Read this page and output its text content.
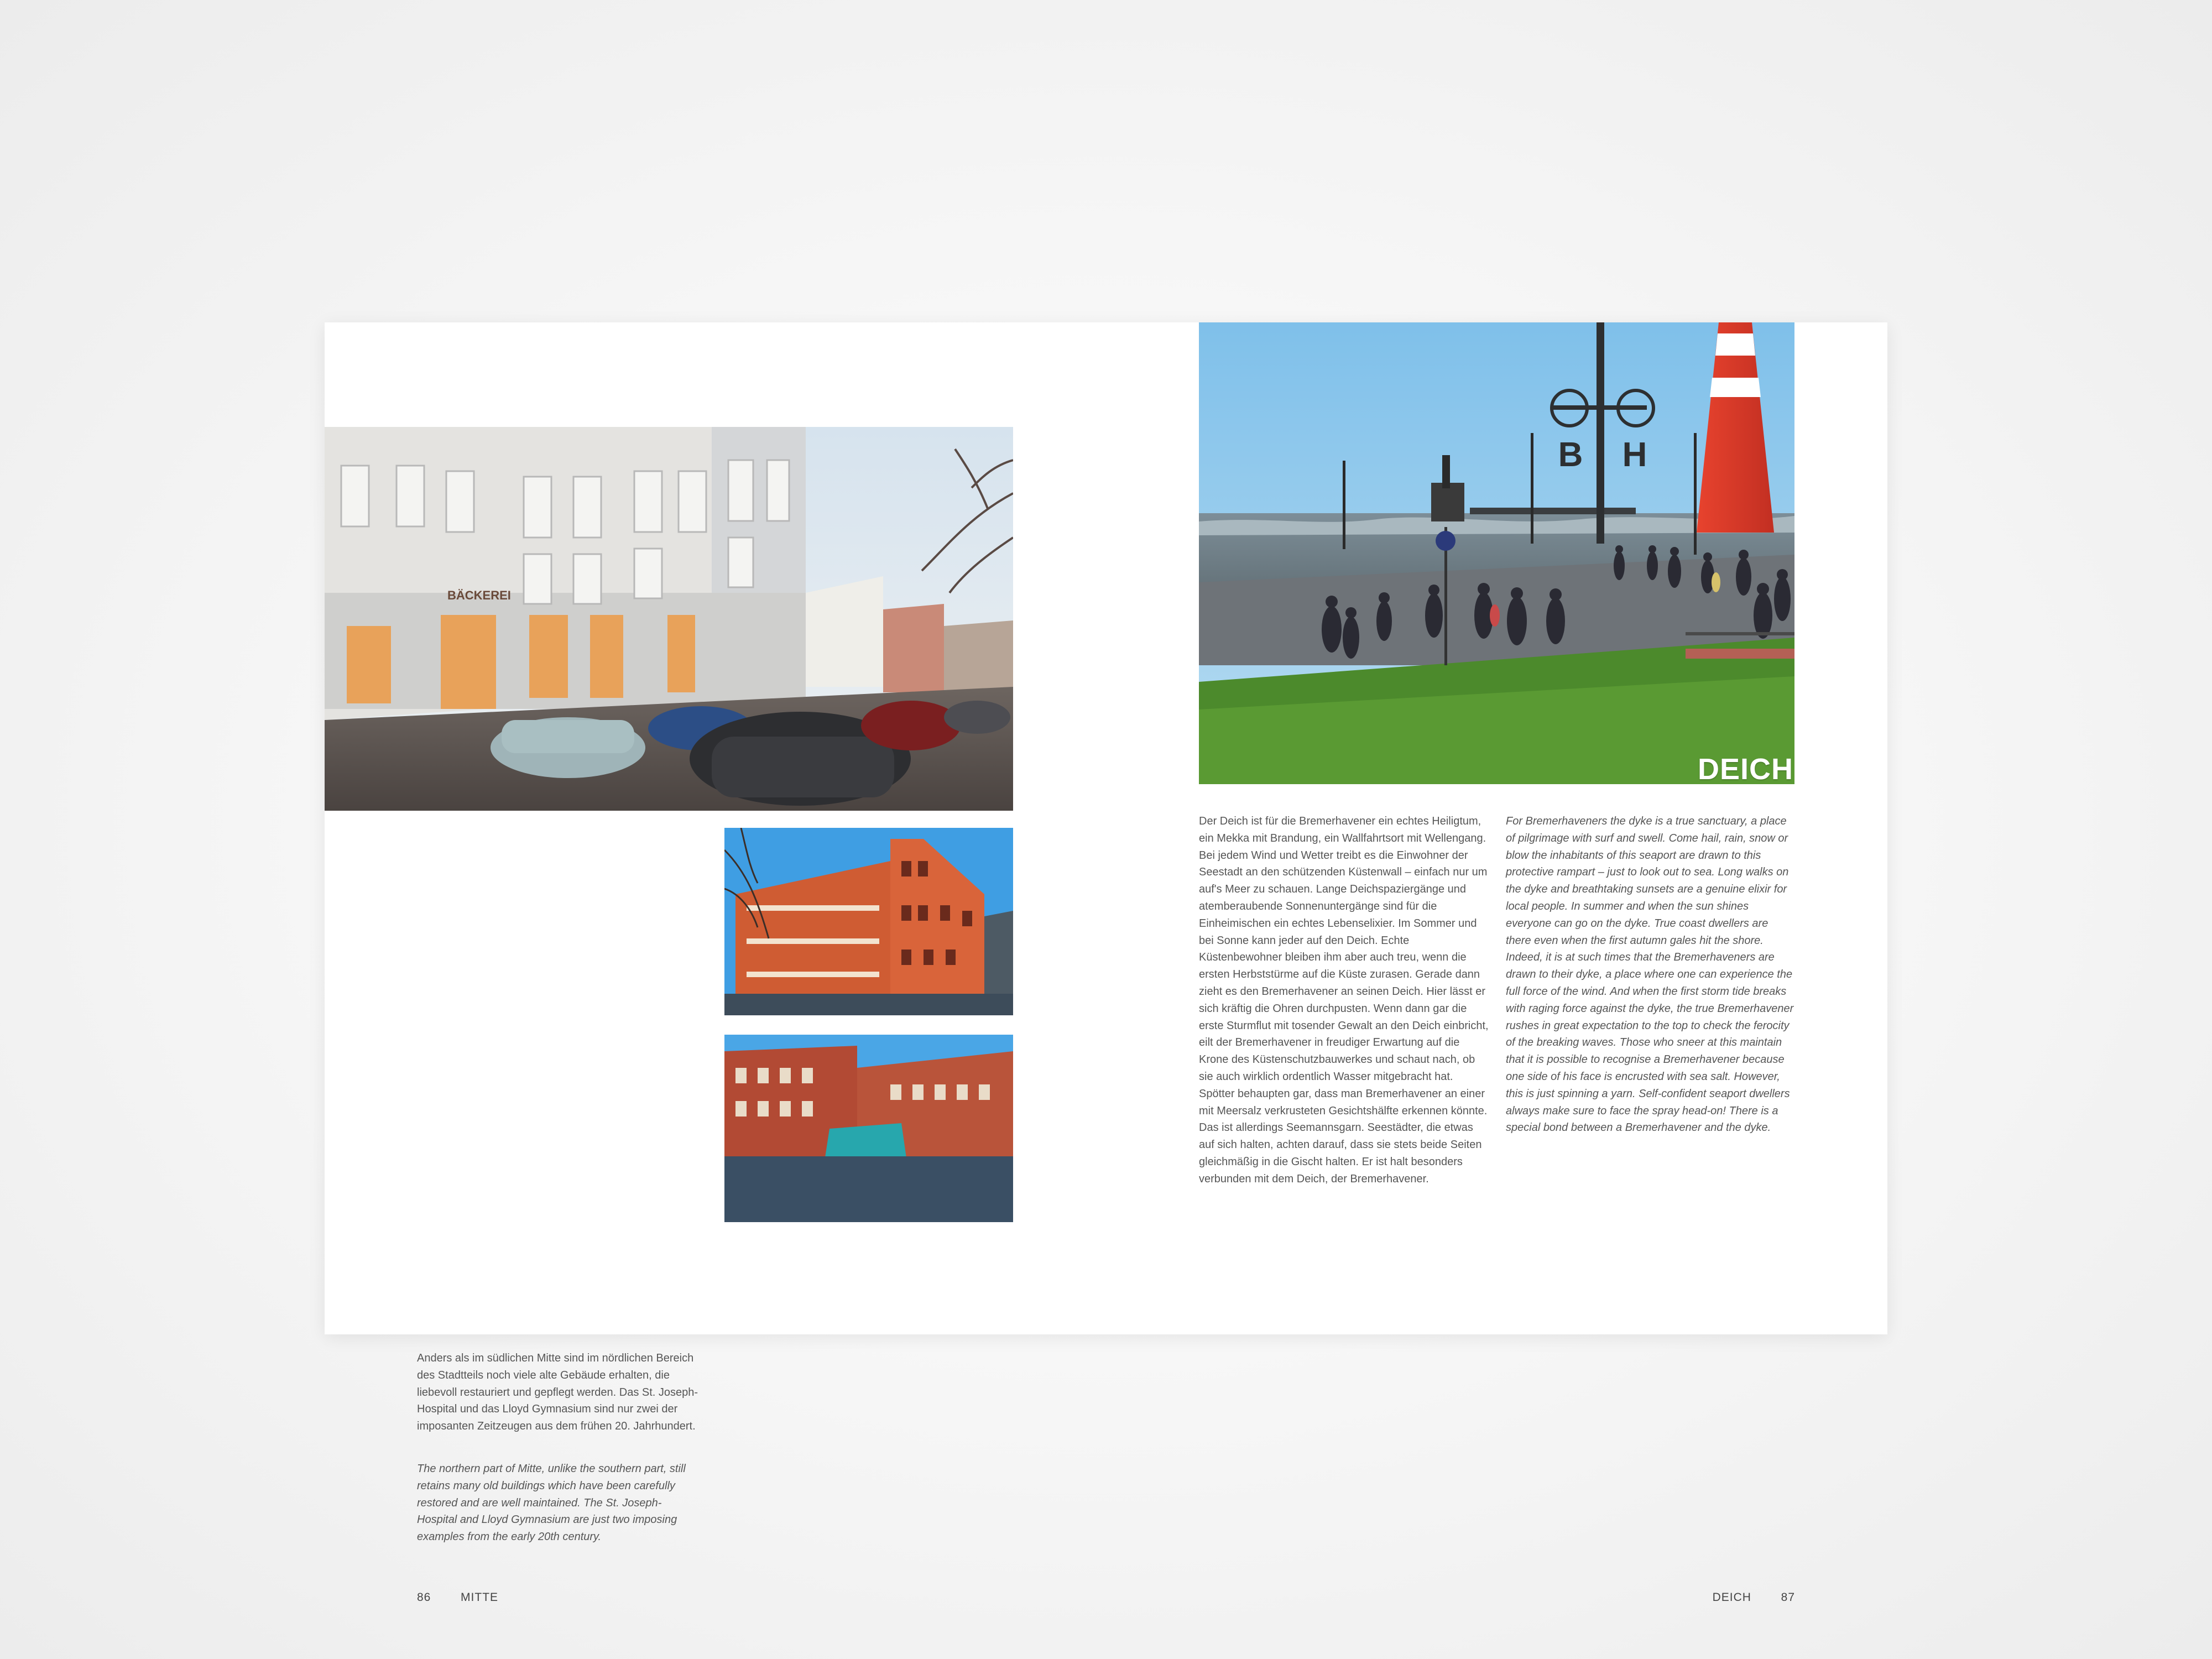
BÄCKEREI

Anders als im südlichen Mitte sind im nördlichen Bereich des Stadtteils noch viele alte Gebäude erhalten, die liebevoll restauriert und gepflegt werden. Das St. Joseph-Hospital und das Lloyd Gymnasium sind nur zwei der imposanten Zeitzeugen aus dem frühen 20. Jahrhundert.

The northern part of Mitte, unlike the southern part, still retains many old buildings which have been carefully restored and are well maintained. The St. Joseph-Hospital and Lloyd Gymnasium are just two imposing examples from the early 20th century.

86	MITTE
B H
DEICH

Der Deich ist für die Bremerhavener ein echtes Heiligtum, ein Mekka mit Brandung, ein Wallfahrtsort mit Wellengang. Bei jedem Wind und Wetter treibt es die Einwohner der Seestadt an den schützenden Küstenwall – einfach nur um auf's Meer zu schauen. Lange Deichspaziergänge und atemberaubende Sonnenuntergänge sind für die Einheimischen ein echtes Lebenselixier. Im Sommer und bei Sonne kann jeder auf den Deich. Echte Küstenbewohner bleiben ihm aber auch treu, wenn die ersten Herbststürme auf die Küste zurasen. Gerade dann zieht es den Bremerhavener an seinen Deich. Hier lässt er sich kräftig die Ohren durchpusten. Wenn dann gar die erste Sturmflut mit tosender Gewalt an den Deich einbricht, eilt der Bremerhavener in freudiger Erwartung auf die Krone des Küstenschutzbauwerkes und schaut nach, ob sie auch wirklich ordentlich Wasser mitgebracht hat. Spötter behaupten gar, dass man Bremerhavener an einer mit Meersalz verkrusteten Gesichtshälfte erkennen könnte. Das ist allerdings Seemannsgarn. Seestädter, die etwas auf sich halten, achten darauf, dass sie stets beide Seiten gleichmäßig in die Gischt halten. Er ist halt besonders verbunden mit dem Deich, der Bremerhavener.

For Bremerhaveners the dyke is a true sanctuary, a place of pilgrimage with surf and swell. Come hail, rain, snow or blow the inhabitants of this seaport are drawn to this protective rampart – just to look out to sea. Long walks on the dyke and breathtaking sunsets are a genuine elixir for local people. In summer and when the sun shines everyone can go on the dyke. True coast dwellers are there even when the first autumn gales hit the shore. Indeed, it is at such times that the Bremerhaveners are drawn to their dyke, a place where one can experience the full force of the wind. And when the first storm tide breaks with raging force against the dyke, the true Bremerhavener rushes in great expectation to the top to check the ferocity of the breaking waves. Those who sneer at this maintain that it is possible to recognise a Bremerhavener because one side of his face is encrusted with sea salt. However, this is just spinning a yarn. Self-confident seaport dwellers always make sure to face the spray head-on! There is a special bond between a Bremerhavener and the dyke.

DEICH	87
